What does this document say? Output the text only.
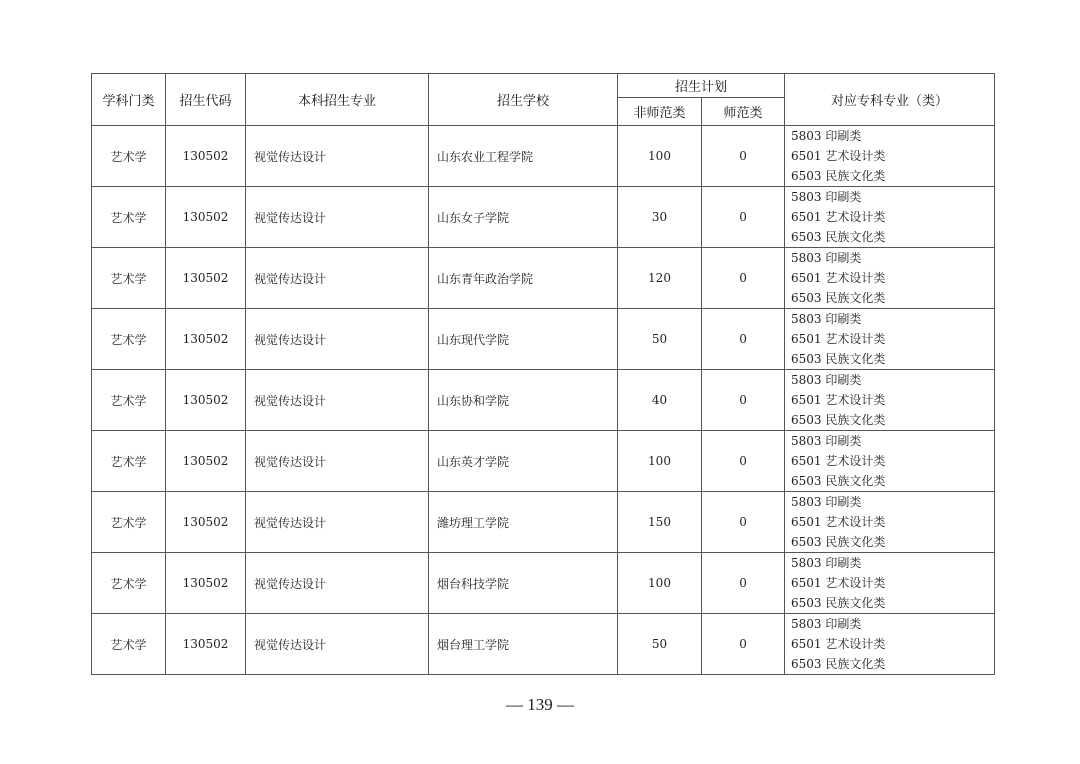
学科门类	招生代码	本科招生专业	招生学校	招生计划		对应专科专业（类）
				非师范类	师范类	
艺术学	130502	视觉传达设计	山东农业工程学院	100	0	5803 印刷类
6501 艺术设计类
6503 民族文化类

艺术学	130502	视觉传达设计	山东女子学院	30	0	5803 印刷类
6501 艺术设计类
6503 民族文化类

艺术学	130502	视觉传达设计	山东青年政治学院	120	0	5803 印刷类
6501 艺术设计类
6503 民族文化类

艺术学	130502	视觉传达设计	山东现代学院	50	0	5803 印刷类
6501 艺术设计类
6503 民族文化类

艺术学	130502	视觉传达设计	山东协和学院	40	0	5803 印刷类
6501 艺术设计类
6503 民族文化类

艺术学	130502	视觉传达设计	山东英才学院	100	0	5803 印刷类
6501 艺术设计类
6503 民族文化类

艺术学	130502	视觉传达设计	潍坊理工学院	150	0	5803 印刷类
6501 艺术设计类
6503 民族文化类

艺术学	130502	视觉传达设计	烟台科技学院	100	0	5803 印刷类
6501 艺术设计类
6503 民族文化类

艺术学	130502	视觉传达设计	烟台理工学院	50	0	5803 印刷类
6501 艺术设计类
6503 民族文化类
— 139 —
